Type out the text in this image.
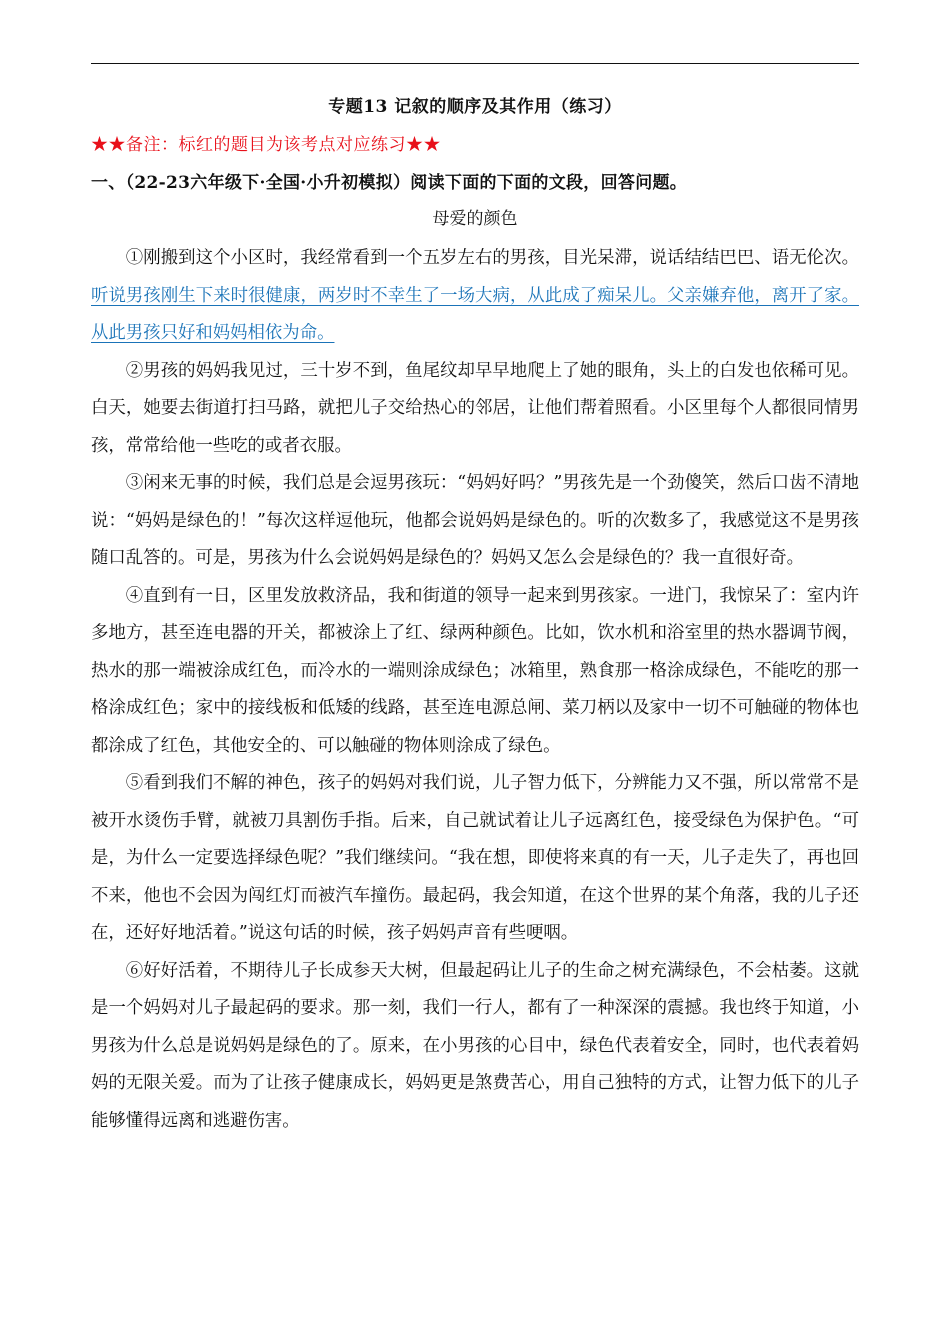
专题13 记叙的顺序及其作用（练习）
★★备注：标红的题目为该考点对应练习★★
一、（22-23六年级下·全国·小升初模拟）阅读下面的下面的文段，回答问题。
母爱的颜色

①刚搬到这个小区时，我经常看到一个五岁左右的男孩，目光呆滞，说话结结巴巴、语无伦次。听说男孩刚生下来时很健康，两岁时不幸生了一场大病，从此成了痴呆儿。父亲嫌弃他，离开了家。从此男孩只好和妈妈相依为命。

②男孩的妈妈我见过，三十岁不到，鱼尾纹却早早地爬上了她的眼角，头上的白发也依稀可见。白天，她要去街道打扫马路，就把儿子交给热心的邻居，让他们帮着照看。小区里每个人都很同情男孩，常常给他一些吃的或者衣服。

③闲来无事的时候，我们总是会逗男孩玩：“妈妈好吗？”男孩先是一个劲傻笑，然后口齿不清地说：“妈妈是绿色的！”每次这样逗他玩，他都会说妈妈是绿色的。听的次数多了，我感觉这不是男孩随口乱答的。可是，男孩为什么会说妈妈是绿色的？妈妈又怎么会是绿色的？我一直很好奇。

④直到有一日，区里发放救济品，我和街道的领导一起来到男孩家。一进门，我惊呆了：室内许多地方，甚至连电器的开关，都被涂上了红、绿两种颜色。比如，饮水机和浴室里的热水器调节阀，热水的那一端被涂成红色，而冷水的一端则涂成绿色；冰箱里，熟食那一格涂成绿色，不能吃的那一格涂成红色；家中的接线板和低矮的线路，甚至连电源总闸、菜刀柄以及家中一切不可触碰的物体也都涂成了红色，其他安全的、可以触碰的物体则涂成了绿色。

⑤看到我们不解的神色，孩子的妈妈对我们说，儿子智力低下，分辨能力又不强，所以常常不是被开水烫伤手臂，就被刀具割伤手指。后来，自己就试着让儿子远离红色，接受绿色为保护色。“可是，为什么一定要选择绿色呢？”我们继续问。“我在想，即使将来真的有一天，儿子走失了，再也回不来，他也不会因为闯红灯而被汽车撞伤。最起码，我会知道，在这个世界的某个角落，我的儿子还在，还好好地活着。”说这句话的时候，孩子妈妈声音有些哽咽。

⑥好好活着，不期待儿子长成参天大树，但最起码让儿子的生命之树充满绿色，不会枯萎。这就是一个妈妈对儿子最起码的要求。那一刻，我们一行人，都有了一种深深的震撼。我也终于知道，小男孩为什么总是说妈妈是绿色的了。原来，在小男孩的心目中，绿色代表着安全，同时，也代表着妈妈的无限关爱。而为了让孩子健康成长，妈妈更是煞费苦心，用自己独特的方式，让智力低下的儿子能够懂得远离和逃避伤害。
